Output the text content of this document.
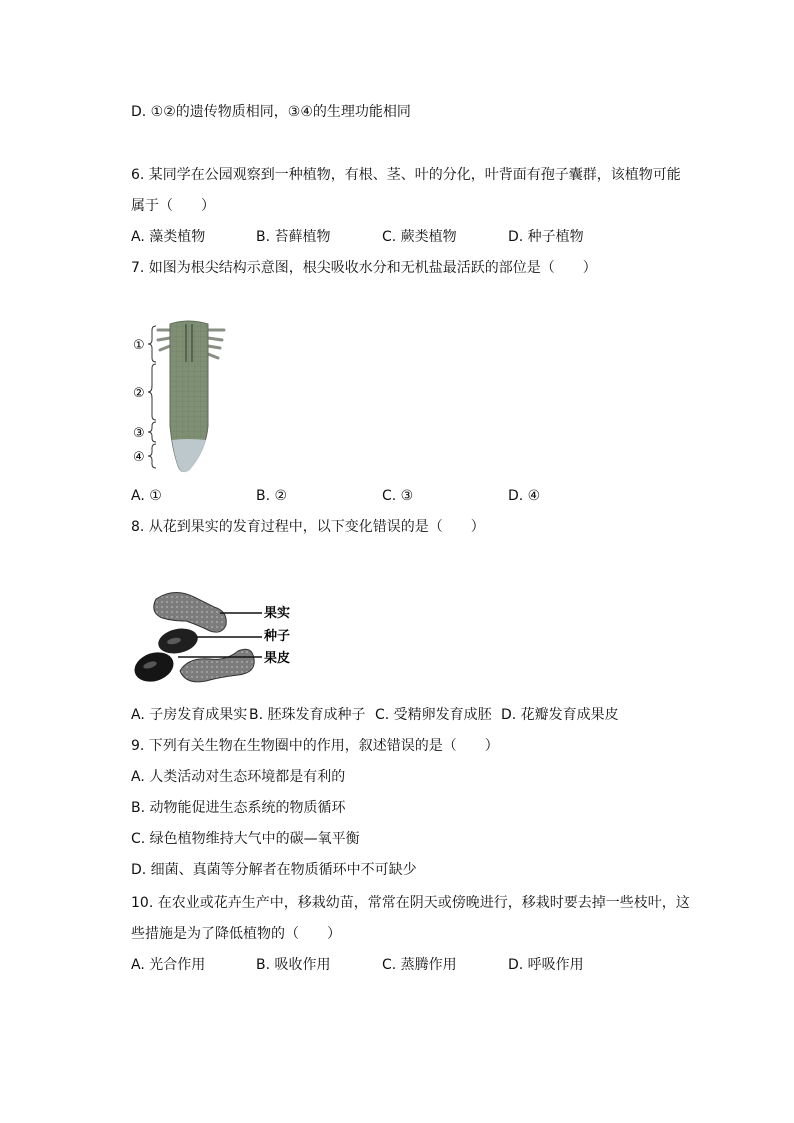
D. ①②的遗传物质相同，③④的生理功能相同
6. 某同学在公园观察到一种植物，有根、茎、叶的分化，叶背面有孢子囊群，该植物可能
属于（　　）
A. 藻类植物	B. 苔藓植物	C. 蕨类植物	D. 种子植物
7. 如图为根尖结构示意图，根尖吸收水分和无机盐最活跃的部位是（　　）
①
②
③
④
A. ①	B. ②	C. ③	D. ④
8. 从花到果实的发育过程中，以下变化错误的是（　　）
果实
种子
果皮
A. 子房发育成果实 B. 胚珠发育成种子 C. 受精卵发育成胚 D. 花瓣发育成果皮
9. 下列有关生物在生物圈中的作用，叙述错误的是（　　）
A. 人类活动对生态环境都是有利的
B. 动物能促进生态系统的物质循环
C. 绿色植物维持大气中的碳—氧平衡
D. 细菌、真菌等分解者在物质循环中不可缺少
10. 在农业或花卉生产中，移栽幼苗，常常在阴天或傍晚进行，移栽时要去掉一些枝叶，这
些措施是为了降低植物的（　　）
A. 光合作用	B. 吸收作用	C. 蒸腾作用	D. 呼吸作用
